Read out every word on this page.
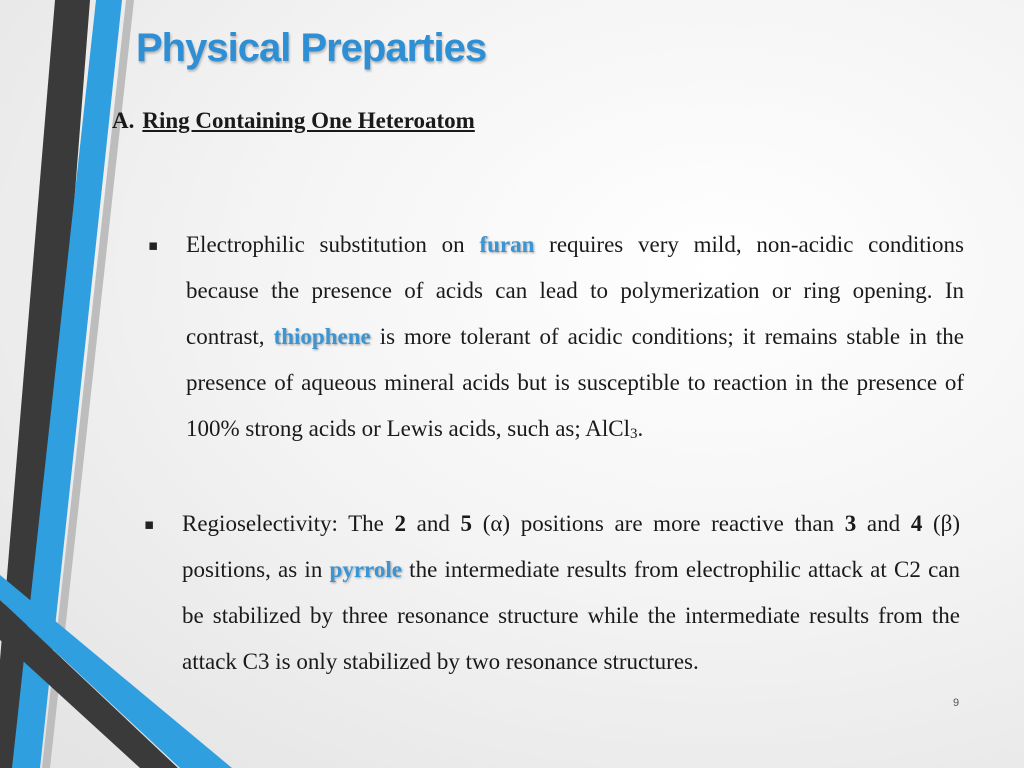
Physical Preparties
A. Ring Containing One Heteroatom
▪ Electrophilic substitution on furan requires very mild, non-acidic conditions because the presence of acids can lead to polymerization or ring opening. In contrast, thiophene is more tolerant of acidic conditions; it remains stable in the presence of aqueous mineral acids but is susceptible to reaction in the presence of 100% strong acids or Lewis acids, such as; AlCl3.

▪ Regioselectivity: The 2 and 5 (α) positions are more reactive than 3 and 4 (β) positions, as in pyrrole the intermediate results from electrophilic attack at C2 can be stabilized by three resonance structure while the intermediate results from the attack C3 is only stabilized by two resonance structures.

9
